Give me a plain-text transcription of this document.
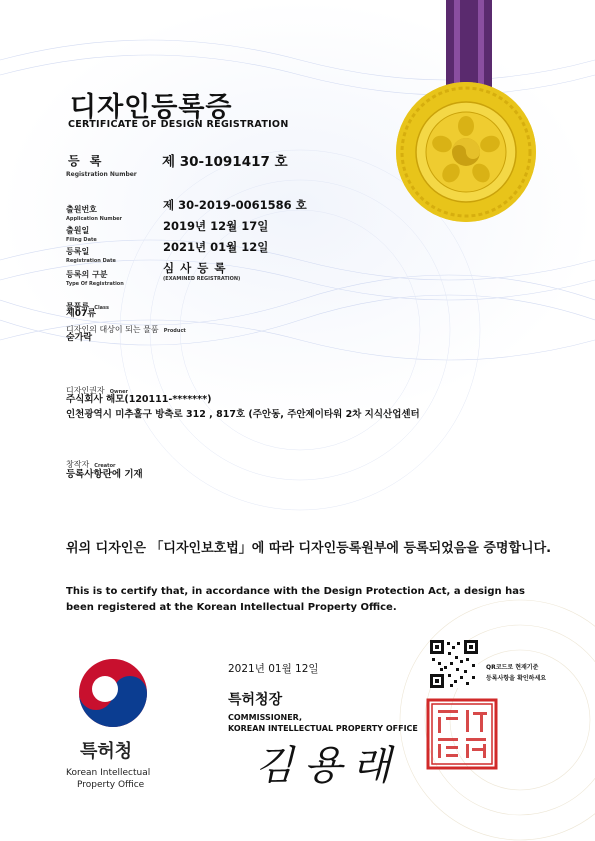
디자인등록증
CERTIFICATE OF DESIGN REGISTRATION
등 록
Registration Number
제 30-1091417 호
출원번호
Application Number
제 30-2019-0061586 호
출원일
Filing Date
2019년 12월 17일
등록일
Registration Date
2021년 01월 12일
등록의 구분
Type Of Registration
심 사 등 록
(EXAMINED REGISTRATION)
물품류 Class
제07류
디자인의 대상이 되는 물품 Product
숟가락
디자인권자 Owner
주식회사 해모(120111-*******)
인천광역시 미추홀구 방축로 312 , 817호 (주안동, 주안제이타워 2차 지식산업센터
창작자 Creator
등록사항란에 기재
위의 디자인은 「디자인보호법」에 따라 디자인등록원부에 등록되었음을 증명합니다.
This is to certify that, in accordance with the Design Protection Act, a design has been registered at the Korean Intellectual Property Office.
2021년 01월 12일
특허청장
COMMISSIONER,
KOREAN INTELLECTUAL PROPERTY OFFICE
김용래
QR코드로 현재기준
등록사항을 확인하세요
특허청
Korean Intellectual
Property Office
